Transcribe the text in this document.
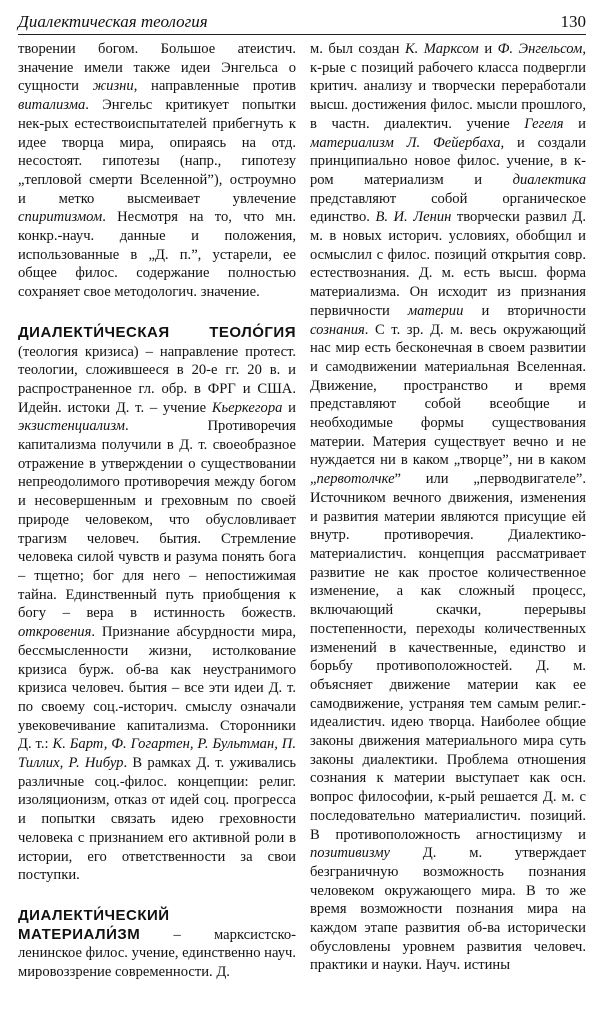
Диалектическая теология	130

творении богом. Большое атеистич. значение имели также идеи Энгельса о сущности жизни, направленные против витализма. Энгельс критикует попытки нек-рых естествоиспытателей прибегнуть к идее творца мира, опираясь на отд. несостоят. гипотезы (напр., гипотезу „тепловой смерти Вселенной”), остроумно и метко высмеивает увлечение спиритизмом. Несмотря на то, что мн. конкр.-науч. данные и положения, использованные в „Д. п.”, устарели, ее общее филос. содержание полностью сохраняет свое методологич. значение.

ДИАЛЕКТИ́ЧЕСКАЯ ТЕОЛО́ГИЯ (теология кризиса) – направление протест. теологии, сложившееся в 20-е гг. 20 в. и распространенное гл. обр. в ФРГ и США. Идейн. истоки Д. т. – учение Кьеркегора и экзистенциализм. Противоречия капитализма получили в Д. т. своеобразное отражение в утверждении о существовании непреодолимого противоречия между богом и несовершенным и греховным по своей природе человеком, что обусловливает трагизм человеч. бытия. Стремление человека силой чувств и разума понять бога – тщетно; бог для него – непостижимая тайна. Единственный путь приобщения к богу – вера в истинность божеств. откровения. Признание абсурдности мира, бессмысленности жизни, истолкование кризиса бурж. об-ва как неустранимого кризиса человеч. бытия – все эти идеи Д. т. по своему соц.-историч. смыслу означали увековечивание капитализма. Сторонники Д. т.: К. Барт, Ф. Гогартен, Р. Бультман, П. Тиллих, Р. Нибур. В рамках Д. т. уживались различные соц.-филос. концепции: религ. изоляционизм, отказ от идей соц. прогресса и попытки связать идею греховности человека с признанием его активной роли в истории, его ответственности за свои поступки.

ДИАЛЕКТИ́ЧЕСКИЙ МАТЕРИАЛИ́ЗМ – марксистско-ленинское филос. учение, единственно науч. мировоззрение современности. Д.

м. был создан К. Марксом и Ф. Энгельсом, к-рые с позиций рабочего класса подвергли критич. анализу и творчески переработали высш. достижения филос. мысли прошлого, в частн. диалектич. учение Гегеля и материализм Л. Фейербаха, и создали принципиально новое филос. учение, в к-ром материализм и диалектика представляют собой органическое единство. В. И. Ленин творчески развил Д. м. в новых историч. условиях, обобщил и осмыслил с филос. позиций открытия совр. естествознания. Д. м. есть высш. форма материализма. Он исходит из признания первичности материи и вторичности сознания. С т. зр. Д. м. весь окружающий нас мир есть бесконечная в своем развитии и самодвижении материальная Вселенная. Движение, пространство и время представляют собой всеобщие и необходимые формы существования материи. Материя существует вечно и не нуждается ни в каком „творце”, ни в каком „первотолчке” или „перводвигателе”. Источником вечного движения, изменения и развития материи являются присущие ей внутр. противоречия. Диалектико-материалистич. концепция рассматривает развитие не как простое количественное изменение, а как сложный процесс, включающий скачки, перерывы постепенности, переходы количественных изменений в качественные, единство и борьбу противоположностей. Д. м. объясняет движение материи как ее самодвижение, устраняя тем самым религ.-идеалистич. идею творца. Наиболее общие законы движения материального мира суть законы диалектики. Проблема отношения сознания к материи выступает как осн. вопрос философии, к-рый решается Д. м. с последовательно материалистич. позиций. В противоположность агностицизму и позитивизму Д. м. утверждает безграничную возможность познания человеком окружающего мира. В то же время возможности познания мира на каждом этапе развития об-ва исторически обусловлены уровнем развития человеч. практики и науки. Науч. истины
